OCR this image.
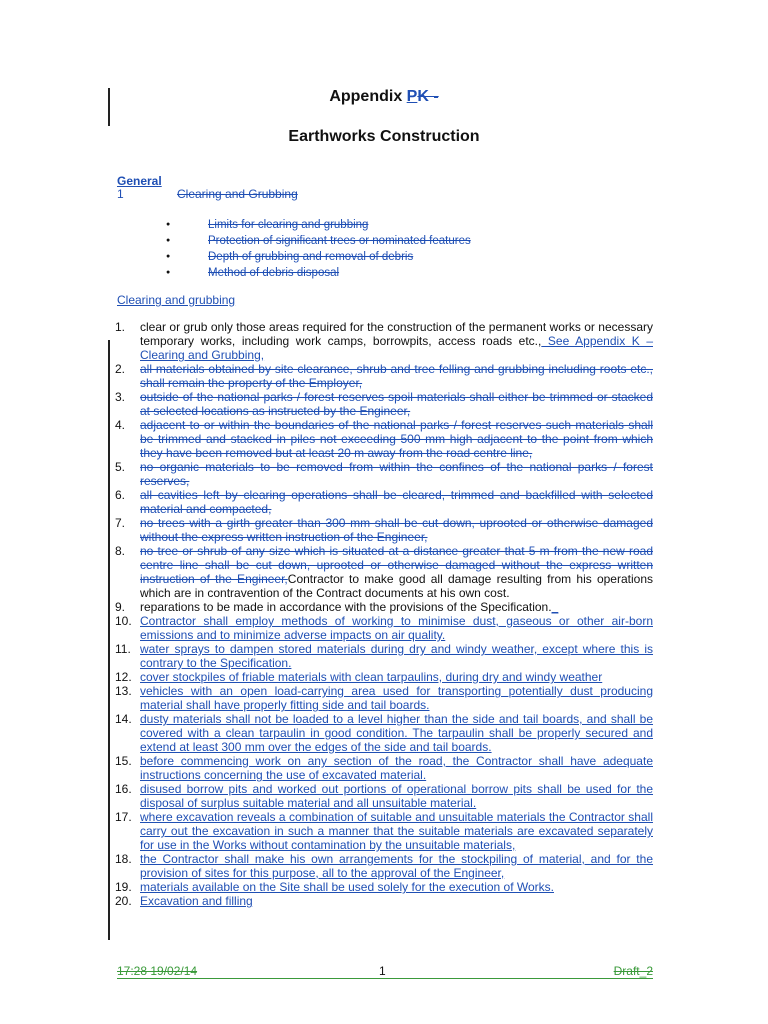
Appendix PK -
Earthworks Construction
General
1	Clearing and Grubbing
● Limits for clearing and grubbing
● Protection of significant trees or nominated features
● Depth of grubbing and removal of debris
● Method of debris disposal
Clearing and grubbing
1. clear or grub only those areas required for the construction of the permanent works or necessary temporary works, including work camps, borrowpits, access roads etc., See Appendix K – Clearing and Grubbing,
2. all materials obtained by site clearance, shrub and tree felling and grubbing including roots etc., shall remain the property of the Employer,
3. outside of the national parks / forest reserves spoil materials shall either be trimmed or stacked at selected locations as instructed by the Engineer,
4. adjacent to or within the boundaries of the national parks / forest reserves such materials shall be trimmed and stacked in piles not exceeding 500 mm high adjacent to the point from which they have been removed but at least 20 m away from the road centre line,
5. no organic materials to be removed from within the confines of the national parks / forest reserves,
6. all cavities left by clearing operations shall be cleared, trimmed and backfilled with selected material and compacted,
7. no trees with a girth greater than 300 mm shall be cut down, uprooted or otherwise damaged without the express written instruction of the Engineer,
8. no tree or shrub of any size which is situated at a distance greater that 5 m from the new road centre line shall be cut down, uprooted or otherwise damaged without the express written instruction of the Engineer,Contractor to make good all damage resulting from his operations which are in contravention of the Contract documents at his own cost.
9. reparations to be made in accordance with the provisions of the Specification._
10. Contractor shall employ methods of working to minimise dust, gaseous or other air-born emissions and to minimize adverse impacts on air quality.
11. water sprays to dampen stored materials during dry and windy weather, except where this is contrary to the Specification.
12. cover stockpiles of friable materials with clean tarpaulins, during dry and windy weather
13. vehicles with an open load-carrying area used for transporting potentially dust producing material shall have properly fitting side and tail boards.
14. dusty materials shall not be loaded to a level higher than the side and tail boards, and shall be covered with a clean tarpaulin in good condition. The tarpaulin shall be properly secured and extend at least 300 mm over the edges of the side and tail boards.
15. before commencing work on any section of the road, the Contractor shall have adequate instructions concerning the use of excavated material.
16. disused borrow pits and worked out portions of operational borrow pits shall be used for the disposal of surplus suitable material and all unsuitable material.
17. where excavation reveals a combination of suitable and unsuitable materials the Contractor shall carry out the excavation in such a manner that the suitable materials are excavated separately for use in the Works without contamination by the unsuitable materials,
18. the Contractor shall make his own arrangements for the stockpiling of material, and for the provision of sites for this purpose, all to the approval of the Engineer,
19. materials available on the Site shall be used solely for the execution of Works.
20. Excavation and filling
17:28 19/02/14	1	Draft_2
